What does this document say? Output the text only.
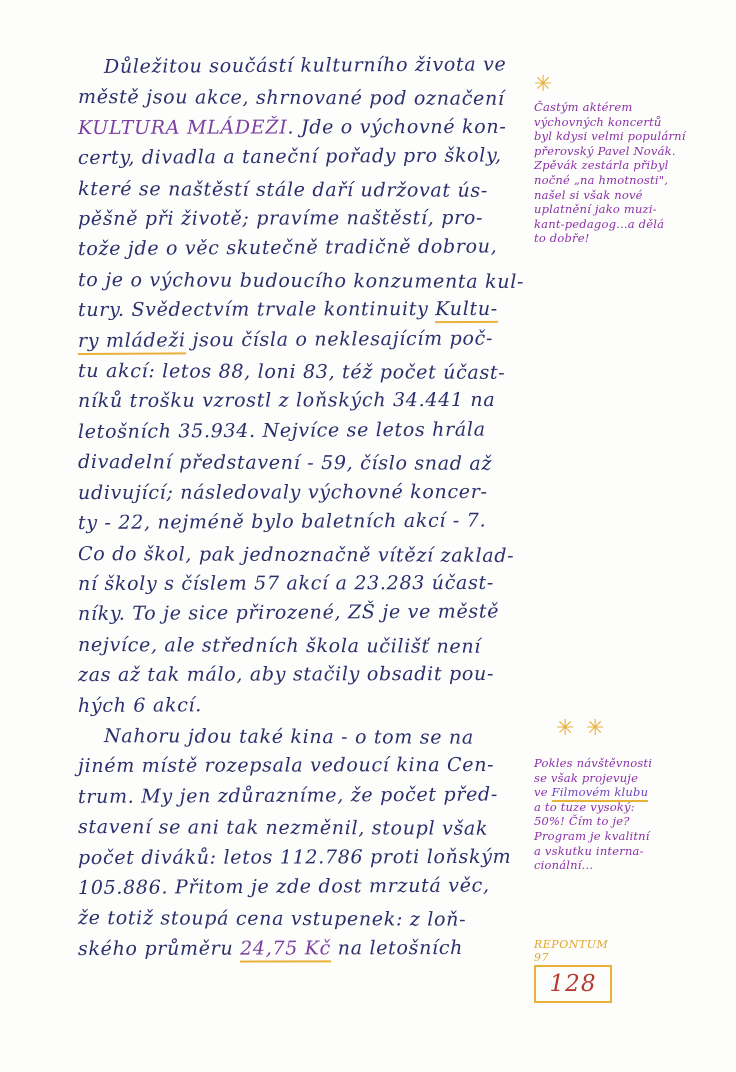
Důležitou součástí kulturního života ve
městě jsou akce, shrnované pod označení
KULTURA MLÁDEŽI. Jde o výchovné kon-
certy, divadla a taneční pořady pro školy,
které se naštěstí stále daří udržovat ús-
pěšně při životě; pravíme naštěstí, pro-
tože jde o věc skutečně tradičně dobrou,
to je o výchovu budoucího konzumenta kul-
tury. Svědectvím trvale kontinuity Kultu-
ry mládeži jsou čísla o neklesajícím poč-
tu akcí: letos 88, loni 83, též počet účast-
níků trošku vzrostl z loňských 34.441 na
letošních 35.934. Nejvíce se letos hrála
divadelní představení - 59, číslo snad až
udivující; následovaly výchovné koncer-
ty - 22, nejméně bylo baletních akcí - 7.
Co do škol, pak jednoznačně vítězí zaklad-
ní školy s číslem 57 akcí a 23.283 účast-
níky. To je sice přirozené, ZŠ je ve městě
nejvíce, ale středních škola učilišť není
zas až tak málo, aby stačily obsadit pou-
hých 6 akcí.
Nahoru jdou také kina - o tom se na
jiném místě rozepsala vedoucí kina Cen-
trum. My jen zdůrazníme, že počet před-
stavení se ani tak nezměnil, stoupl však
počet diváků: letos 112.786 proti loňským
105.886. Přitom je zde dost mrzutá věc,
že totiž stoupá cena vstupenek: z loň-
ského průměru 24,75 Kč na letošních
✳
✳ ✳
Častým aktérem
výchovných koncertů
byl kdysi velmi populární
přerovský Pavel Novák.
Zpěvák zestárla přibyl
nočné „na hmotnosti",
našel si však nové
uplatnění jako muzi-
kant-pedagog...a dělá
to dobře!
Pokles návštěvnosti
se však projevuje
ve Filmovém klubu
a to tuze vysoký:
50%! Čím to je?
Program je kvalitní
a vskutku interna-
cionální...
REPONTUM 97
128
